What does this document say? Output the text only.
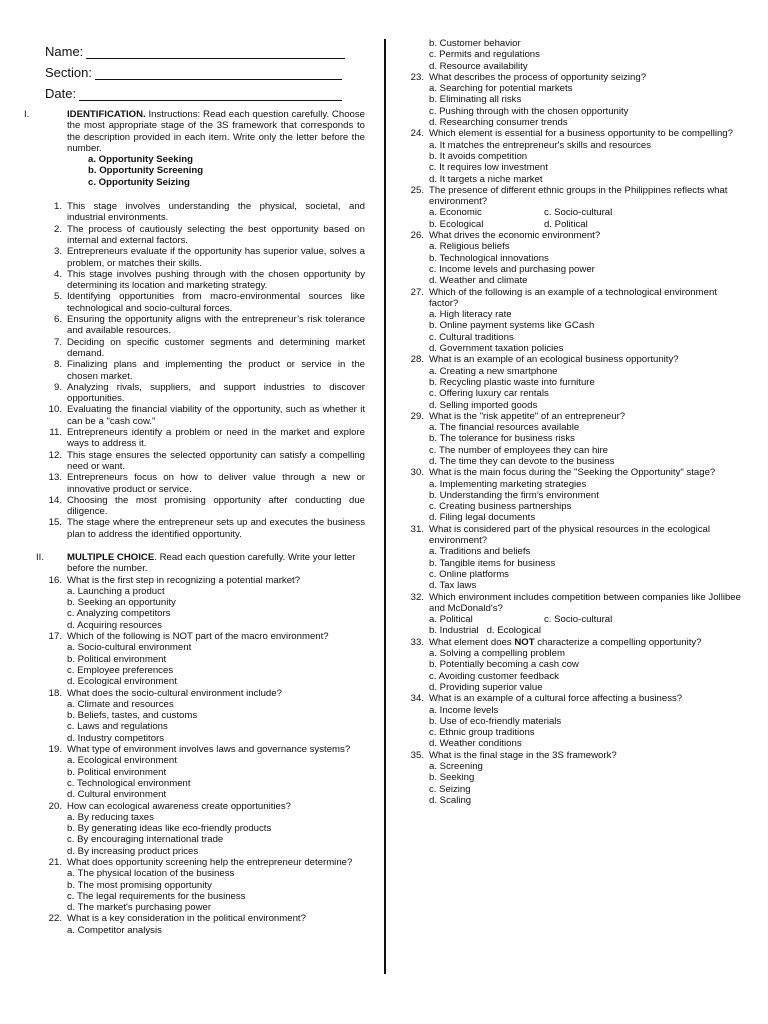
Name:
Section:
Date:
I.	IDENTIFICATION. Instructions: Read each question carefully. Choose the most appropriate stage of the 3S framework that corresponds to the description provided in each item. Write only the letter before the number.
a. Opportunity Seeking
b. Opportunity Screening
c. Opportunity Seizing
1. This stage involves understanding the physical, societal, and industrial environments.
2. The process of cautiously selecting the best opportunity based on internal and external factors.
3. Entrepreneurs evaluate if the opportunity has superior value, solves a problem, or matches their skills.
4. This stage involves pushing through with the chosen opportunity by determining its location and marketing strategy.
5. Identifying opportunities from macro-environmental sources like technological and socio-cultural forces.
6. Ensuring the opportunity aligns with the entrepreneur’s risk tolerance and available resources.
7. Deciding on specific customer segments and determining market demand.
8. Finalizing plans and implementing the product or service in the chosen market.
9. Analyzing rivals, suppliers, and support industries to discover opportunities.
10. Evaluating the financial viability of the opportunity, such as whether it can be a "cash cow."
11. Entrepreneurs identify a problem or need in the market and explore ways to address it.
12. This stage ensures the selected opportunity can satisfy a compelling need or want.
13. Entrepreneurs focus on how to deliver value through a new or innovative product or service.
14. Choosing the most promising opportunity after conducting due diligence.
15. The stage where the entrepreneur sets up and executes the business plan to address the identified opportunity.
II.	MULTIPLE CHOICE. Read each question carefully. Write your letter before the number.
16. What is the first step in recognizing a potential market?
a. Launching a product
b. Seeking an opportunity
c. Analyzing competitors
d. Acquiring resources
17. Which of the following is NOT part of the macro environment?
a. Socio-cultural environment
b. Political environment
c. Employee preferences
d. Ecological environment
18. What does the socio-cultural environment include?
a. Climate and resources
b. Beliefs, tastes, and customs
c. Laws and regulations
d. Industry competitors
19. What type of environment involves laws and governance systems?
a. Ecological environment
b. Political environment
c. Technological environment
d. Cultural environment
20. How can ecological awareness create opportunities?
a. By reducing taxes
b. By generating ideas like eco-friendly products
c. By encouraging international trade
d. By increasing product prices
21. What does opportunity screening help the entrepreneur determine?
a. The physical location of the business
b. The most promising opportunity
c. The legal requirements for the business
d. The market's purchasing power
22. What is a key consideration in the political environment?
a. Competitor analysis
b. Customer behavior
c. Permits and regulations
d. Resource availability
23. What describes the process of opportunity seizing?
a. Searching for potential markets
b. Eliminating all risks
c. Pushing through with the chosen opportunity
d. Researching consumer trends
24. Which element is essential for a business opportunity to be compelling?
a. It matches the entrepreneur's skills and resources
b. It avoids competition
c. It requires low investment
d. It targets a niche market
25. The presence of different ethnic groups in the Philippines reflects what environment?
a. Economic	c. Socio-cultural
b. Ecological	d. Political
26. What drives the economic environment?
a. Religious beliefs
b. Technological innovations
c. Income levels and purchasing power
d. Weather and climate
27. Which of the following is an example of a technological environment factor?
a. High literacy rate
b. Online payment systems like GCash
c. Cultural traditions
d. Government taxation policies
28. What is an example of an ecological business opportunity?
a. Creating a new smartphone
b. Recycling plastic waste into furniture
c. Offering luxury car rentals
d. Selling imported goods
29. What is the "risk appetite" of an entrepreneur?
a. The financial resources available
b. The tolerance for business risks
c. The number of employees they can hire
d. The time they can devote to the business
30. What is the main focus during the "Seeking the Opportunity" stage?
a. Implementing marketing strategies
b. Understanding the firm’s environment
c. Creating business partnerships
d. Filing legal documents
31. What is considered part of the physical resources in the ecological environment?
a. Traditions and beliefs
b. Tangible items for business
c. Online platforms
d. Tax laws
32. Which environment includes competition between companies like Jollibee and McDonald's?
a. Political	c. Socio-cultural
b. Industrial   d. Ecological
33. What element does NOT characterize a compelling opportunity?
a. Solving a compelling problem
b. Potentially becoming a cash cow
c. Avoiding customer feedback
d. Providing superior value
34. What is an example of a cultural force affecting a business?
a. Income levels
b. Use of eco-friendly materials
c. Ethnic group traditions
d. Weather conditions
35. What is the final stage in the 3S framework?
a. Screening
b. Seeking
c. Seizing
d. Scaling
